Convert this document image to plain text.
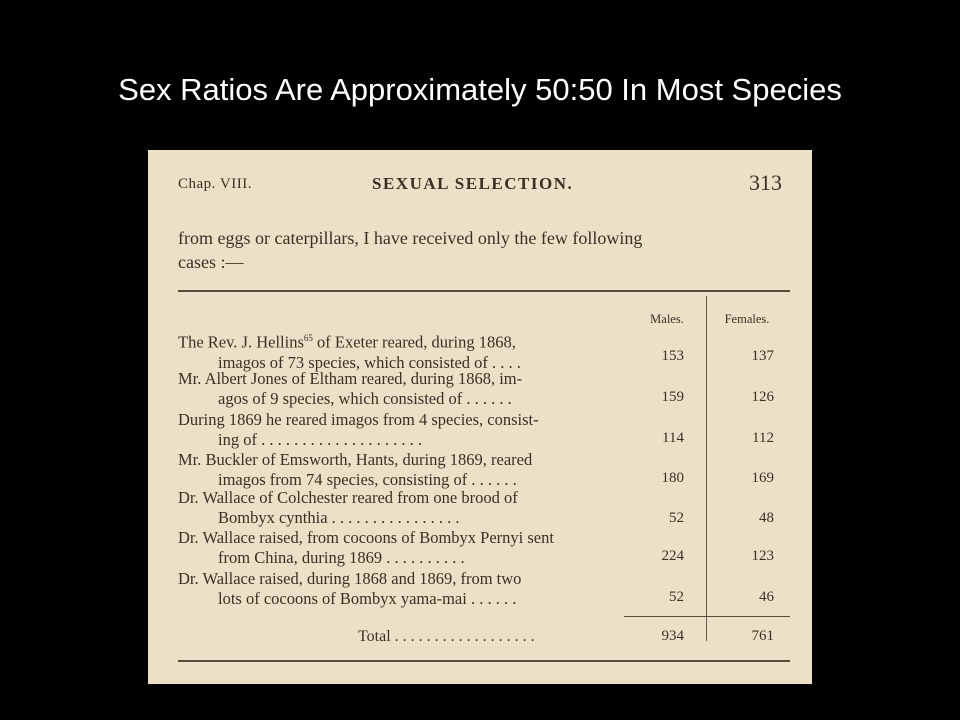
Sex Ratios Are Approximately 50:50 In Most Species
Chap. VIII.	SEXUAL SELECTION.	313
from eggs or caterpillars, I have received only the few following
cases :—
Males.	Females.
The Rev. J. Hellins$^{65}$ of Exeter reared, during 1868,
imagos of 73 species, which consisted of . . . .	153	137
Mr. Albert Jones of Eltham reared, during 1868, im-
agos of 9 species, which consisted of . . . . . .	159	126
During 1869 he reared imagos from 4 species, consist-
ing of . . . . . . . . . . . . . . . . . . . .	114	112
Mr. Buckler of Emsworth, Hants, during 1869, reared
imagos from 74 species, consisting of . . . . . .	180	169
Dr. Wallace of Colchester reared from one brood of
Bombyx cynthia . . . . . . . . . . . . . . . .	52	48
Dr. Wallace raised, from cocoons of Bombyx Pernyi sent
from China, during 1869 . . . . . . . . . .	224	123
Dr. Wallace raised, during 1868 and 1869, from two
lots of cocoons of Bombyx yama-mai . . . . . .	52	46
Total . . . . . . . . . . . . . . . . . .	934	761
